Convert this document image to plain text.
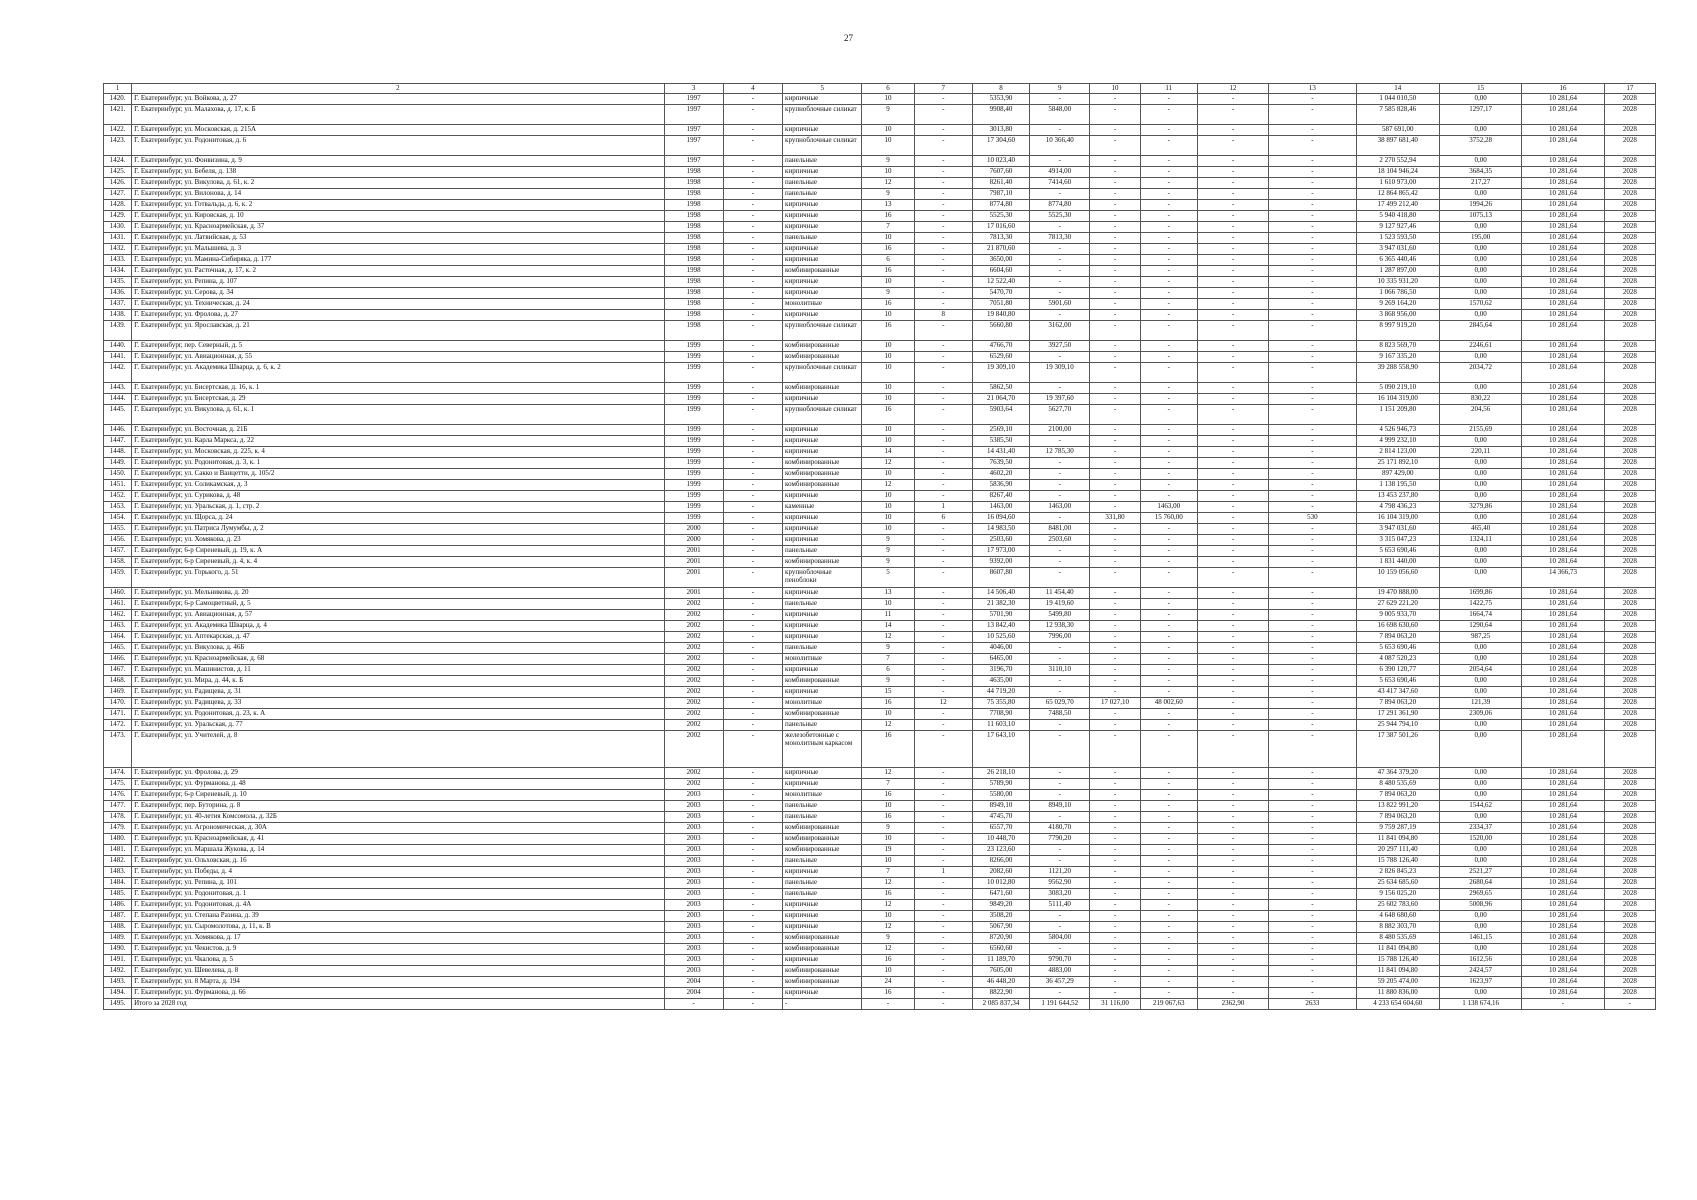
27
1	2	3	4	5	6	7	8	9	10	11	12	13	14	15	16	17
1420.	Г. Екатеринбург, ул. Войкова, д. 27	1997	-	кирпичные	10	-	5353,90	-	-	-	-	-	1 044 010,50	0,00	10 281,64	2028
1421.	Г. Екатеринбург, ул. Малахова, д. 17, к. Б	1997	-	крупноблочные силикат	9	-	9908,40	5848,00	-	-	-	-	7 585 828,46	1297,17	10 281,64	2028
1422.	Г. Екатеринбург, ул. Московская, д. 215А	1997	-	кирпичные	10	-	3013,80	-	-	-	-	-	587 691,00	0,00	10 281,64	2028
1423.	Г. Екатеринбург, ул. Родонитовая, д. 6	1997	-	крупноблочные силикат	10	-	17 304,60	10 366,40	-	-	-	-	38 897 681,40	3752,28	10 281,64	2028
1424.	Г. Екатеринбург, ул. Фонвизина, д. 9	1997	-	панельные	9	-	10 023,40	-	-	-	-	-	2 270 552,94	0,00	10 281,64	2028
1425.	Г. Екатеринбург, ул. Бебеля, д. 138	1998	-	кирпичные	10	-	7607,60	4914,00	-	-	-	-	18 104 946,24	3684,35	10 281,64	2028
1426.	Г. Екатеринбург, ул. Викулова, д. 61, к. 2	1998	-	панельные	12	-	8261,40	7414,60	-	-	-	-	1 610 973,00	217,27	10 281,64	2028
1427.	Г. Екатеринбург, ул. Вилонова, д. 14	1998	-	панельные	9	-	7987,10	-	-	-	-	-	12 864 865,42	0,00	10 281,64	2028
1428.	Г. Екатеринбург, ул. Готвальда, д. 6, к. 2	1998	-	кирпичные	13	-	8774,80	8774,80	-	-	-	-	17 499 212,40	1994,26	10 281,64	2028
1429.	Г. Екатеринбург, ул. Кировская, д. 10	1998	-	кирпичные	16	-	5525,30	5525,30	-	-	-	-	5 940 418,80	1075,13	10 281,64	2028
1430.	Г. Екатеринбург, ул. Красноармейская, д. 37	1998	-	кирпичные	7	-	17 016,60	-	-	-	-	-	9 127 927,46	0,00	10 281,64	2028
1431.	Г. Екатеринбург, ул. Латвийская, д. 53	1998	-	панельные	10	-	7813,30	7813,30	-	-	-	-	1 523 593,50	195,00	10 281,64	2028
1432.	Г. Екатеринбург, ул. Малышева, д. 3	1998	-	кирпичные	16	-	21 870,60	-	-	-	-	-	3 947 031,60	0,00	10 281,64	2028
1433.	Г. Екатеринбург, ул. Мамина-Сибиряка, д. 177	1998	-	кирпичные	6	-	3650,00	-	-	-	-	-	6 365 440,46	0,00	10 281,64	2028
1434.	Г. Екатеринбург, ул. Расточная, д. 17, к. 2	1998	-	комбинированные	16	-	6604,60	-	-	-	-	-	1 287 897,00	0,00	10 281,64	2028
1435.	Г. Екатеринбург, ул. Репина, д. 107	1998	-	кирпичные	10	-	12 522,40	-	-	-	-	-	10 335 931,20	0,00	10 281,64	2028
1436.	Г. Екатеринбург, ул. Серова, д. 34	1998	-	кирпичные	9	-	5470,70	-	-	-	-	-	1 066 786,50	0,00	10 281,64	2028
1437.	Г. Екатеринбург, ул. Техническая, д. 24	1998	-	монолитные	16	-	7051,80	5901,60	-	-	-	-	9 269 164,20	1570,62	10 281,64	2028
1438.	Г. Екатеринбург, ул. Фролова, д. 27	1998	-	кирпичные	10	8	19 840,80	-	-	-	-	-	3 868 956,00	0,00	10 281,64	2028
1439.	Г. Екатеринбург, ул. Ярославская, д. 21	1998	-	крупноблочные силикат	16	-	5660,80	3162,00	-	-	-	-	8 997 919,20	2845,64	10 281,64	2028
1440.	Г. Екатеринбург, пер. Северный, д. 5	1999	-	комбинированные	10	-	4766,70	3927,50	-	-	-	-	8 823 569,70	2246,61	10 281,64	2028
1441.	Г. Екатеринбург, ул. Авиационная, д. 55	1999	-	комбинированные	10	-	6529,60	-	-	-	-	-	9 167 335,20	0,00	10 281,64	2028
1442.	Г. Екатеринбург, ул. Академика Шварца, д. 6, к. 2	1999	-	крупноблочные силикат	10	-	19 309,10	19 309,10	-	-	-	-	39 288 558,90	2034,72	10 281,64	2028
1443.	Г. Екатеринбург, ул. Бисертская, д. 16, к. 1	1999	-	комбинированные	10	-	5862,50	-	-	-	-	-	5 090 219,10	0,00	10 281,64	2028
1444.	Г. Екатеринбург, ул. Бисертская, д. 29	1999	-	кирпичные	10	-	21 064,70	19 397,60	-	-	-	-	16 104 319,00	830,22	10 281,64	2028
1445.	Г. Екатеринбург, ул. Викулова, д. 61, к. 1	1999	-	крупноблочные силикат	16	-	5903,64	5627,70	-	-	-	-	1 151 209,80	204,56	10 281,64	2028
1446.	Г. Екатеринбург, ул. Восточная, д. 21Б	1999	-	кирпичные	10	-	2569,10	2100,00	-	-	-	-	4 526 946,73	2155,69	10 281,64	2028
1447.	Г. Екатеринбург, ул. Карла Маркса, д. 22	1999	-	кирпичные	10	-	5385,50	-	-	-	-	-	4 999 232,10	0,00	10 281,64	2028
1448.	Г. Екатеринбург, ул. Московская, д. 225, к. 4	1999	-	кирпичные	14	-	14 431,40	12 785,30	-	-	-	-	2 814 123,00	220,11	10 281,64	2028
1449.	Г. Екатеринбург, ул. Родонитовая, д. 3, к. 1	1999	-	комбинированные	12	-	7639,50	-	-	-	-	-	25 171 892,10	0,00	10 281,64	2028
1450.	Г. Екатеринбург, ул. Сакко и Ванцетти, д. 105/2	1999	-	комбинированные	10	-	4602,20	-	-	-	-	-	897 429,00	0,00	10 281,64	2028
1451.	Г. Екатеринбург, ул. Соликамская, д. 3	1999	-	комбинированные	12	-	5836,90	-	-	-	-	-	1 138 195,50	0,00	10 281,64	2028
1452.	Г. Екатеринбург, ул. Сурикова, д. 48	1999	-	кирпичные	10	-	8267,40	-	-	-	-	-	13 453 237,80	0,00	10 281,64	2028
1453.	Г. Екатеринбург, ул. Уральская, д. 1, стр. 2	1999	-	каменные	10	1	1463,00	1463,00	-	1463,00	-	-	4 798 436,23	3279,86	10 281,64	2028
1454.	Г. Екатеринбург, ул. Щорса, д. 24	1999	-	кирпичные	10	6	16 094,60	-	331,80	15 760,00	-	530	16 104 319,00	0,00	10 281,64	2028
1455.	Г. Екатеринбург, ул. Патриса Лумумбы, д. 2	2000	-	кирпичные	10	-	14 983,50	8481,00	-	-	-	-	3 947 031,60	465,40	10 281,64	2028
1456.	Г. Екатеринбург, ул. Хомякова, д. 23	2000	-	кирпичные	9	-	2503,60	2503,60	-	-	-	-	3 315 047,23	1324,11	10 281,64	2028
1457.	Г. Екатеринбург, 6-р Сиреневый, д. 19, к. А	2001	-	панельные	9	-	17 973,00	-	-	-	-	-	5 653 690,46	0,00	10 281,64	2028
1458.	Г. Екатеринбург, 6-р Сиреневый, д. 4, к. 4	2001	-	комбинированные	9	-	9392,00	-	-	-	-	-	1 831 440,00	0,00	10 281,64	2028
1459.	Г. Екатеринбург, ул. Горького, д. 51	2001	-	крупноблочные пеноблоки	5	-	8607,80	-	-	-	-	-	10 159 056,60	0,00	14 366,73	2028
1460.	Г. Екатеринбург, ул. Мельникова, д. 20	2001	-	кирпичные	13	-	14 506,40	11 454,40	-	-	-	-	19 470 888,00	1699,86	10 281,64	2028
1461.	Г. Екатеринбург, 6-р Самоцветный, д. 5	2002	-	панельные	10	-	21 382,30	19 419,60	-	-	-	-	27 629 221,20	1422,75	10 281,64	2028
1462.	Г. Екатеринбург, ул. Авиационная, д. 57	2002	-	кирпичные	11	-	5701,90	5499,80	-	-	-	-	9 005 933,70	1664,74	10 281,64	2028
1463.	Г. Екатеринбург, ул. Академика Шварца, д. 4	2002	-	кирпичные	14	-	13 842,40	12 938,30	-	-	-	-	16 698 630,60	1290,64	10 281,64	2028
1464.	Г. Екатеринбург, ул. Аптекарская, д. 47	2002	-	кирпичные	12	-	10 525,60	7996,00	-	-	-	-	7 894 063,20	987,25	10 281,64	2028
1465.	Г. Екатеринбург, ул. Викулова, д. 46Б	2002	-	панельные	9	-	4046,00	-	-	-	-	-	5 653 690,46	0,00	10 281,64	2028
1466.	Г. Екатеринбург, ул. Красноармейская, д. 68	2002	-	монолитные	7	-	6465,00	-	-	-	-	-	4 087 520,23	0,00	10 281,64	2028
1467.	Г. Екатеринбург, ул. Машинистов, д. 11	2002	-	кирпичные	6	-	3196,70	3110,10	-	-	-	-	6 390 120,77	2054,64	10 281,64	2028
1468.	Г. Екатеринбург, ул. Мира, д. 44, к. Б	2002	-	комбинированные	9	-	4635,00	-	-	-	-	-	5 653 690,46	0,00	10 281,64	2028
1469.	Г. Екатеринбург, ул. Радищева, д. 31	2002	-	кирпичные	15	-	44 719,20	-	-	-	-	-	43 417 347,60	0,00	10 281,64	2028
1470.	Г. Екатеринбург, ул. Радищева, д. 33	2002	-	монолитные	16	12	75 355,80	65 029,70	17 027,10	48 002,60	-	-	7 894 063,20	121,39	10 281,64	2028
1471.	Г. Екатеринбург, ул. Родонитовая, д. 23, к. А	2002	-	комбинированные	10	-	7708,90	7488,50	-	-	-	-	17 291 361,90	2309,06	10 281,64	2028
1472.	Г. Екатеринбург, ул. Уральская, д. 77	2002	-	панельные	12	-	11 603,10	-	-	-	-	-	25 944 794,10	0,00	10 281,64	2028
1473.	Г. Екатеринбург, ул. Учителей, д. 8	2002	-	железобетонные с монолитным каркасом	16	-	17 643,10	-	-	-	-	-	17 387 501,26	0,00	10 281,64	2028
1474.	Г. Екатеринбург, ул. Фролова, д. 29	2002	-	кирпичные	12	-	26 218,10	-	-	-	-	-	47 364 379,20	0,00	10 281,64	2028
1475.	Г. Екатеринбург, ул. Фурманова, д. 48	2002	-	кирпичные	7	-	5789,90	-	-	-	-	-	8 480 535,69	0,00	10 281,64	2028
1476.	Г. Екатеринбург, 6-р Сиреневый, д. 10	2003	-	монолитные	16	-	5580,00	-	-	-	-	-	7 894 063,20	0,00	10 281,64	2028
1477.	Г. Екатеринбург, пер. Буторина, д. 8	2003	-	панельные	10	-	8949,10	8949,10	-	-	-	-	13 822 991,20	1544,62	10 281,64	2028
1478.	Г. Екатеринбург, ул. 40-летия Комсомола, д. 32Б	2003	-	панельные	16	-	4745,70	-	-	-	-	-	7 894 063,20	0,00	10 281,64	2028
1479.	Г. Екатеринбург, ул. Агрономическая, д. 30А	2003	-	комбинированные	9	-	6557,70	4180,70	-	-	-	-	9 759 287,19	2334,37	10 281,64	2028
1480.	Г. Екатеринбург, ул. Красноармейская, д. 41	2003	-	комбинированные	10	-	10 448,70	7790,20	-	-	-	-	11 841 094,80	1520,00	10 281,64	2028
1481.	Г. Екатеринбург, ул. Маршала Жукова, д. 14	2003	-	комбинированные	19	-	23 123,60	-	-	-	-	-	20 297 111,40	0,00	10 281,64	2028
1482.	Г. Екатеринбург, ул. Ольховская, д. 16	2003	-	панельные	10	-	8266,00	-	-	-	-	-	15 788 126,40	0,00	10 281,64	2028
1483.	Г. Екатеринбург, ул. Победы, д. 4	2003	-	кирпичные	7	1	2082,60	1121,20	-	-	-	-	2 826 845,23	2521,27	10 281,64	2028
1484.	Г. Екатеринбург, ул. Репина, д. 101	2003	-	панельные	12	-	10 012,80	9562,90	-	-	-	-	25 634 685,60	2680,64	10 281,64	2028
1485.	Г. Екатеринбург, ул. Родонитовая, д. 1	2003	-	панельные	16	-	6471,60	3083,20	-	-	-	-	9 156 025,20	2969,65	10 281,64	2028
1486.	Г. Екатеринбург, ул. Родонитовая, д. 4А	2003	-	кирпичные	12	-	9849,20	5111,40	-	-	-	-	25 602 783,60	5008,96	10 281,64	2028
1487.	Г. Екатеринбург, ул. Степана Разина, д. 39	2003	-	кирпичные	10	-	3508,20	-	-	-	-	-	4 648 680,60	0,00	10 281,64	2028
1488.	Г. Екатеринбург, ул. Сыромолотова, д. 11, к. В	2003	-	кирпичные	12	-	5067,90	-	-	-	-	-	8 882 303,70	0,00	10 281,64	2028
1489.	Г. Екатеринбург, ул. Хомякова, д. 17	2003	-	комбинированные	9	-	8720,90	5804,00	-	-	-	-	8 480 535,69	1461,15	10 281,64	2028
1490.	Г. Екатеринбург, ул. Чекистов, д. 9	2003	-	комбинированные	12	-	6560,60	-	-	-	-	-	11 841 094,80	0,00	10 281,64	2028
1491.	Г. Екатеринбург, ул. Чкалова, д. 5	2003	-	кирпичные	16	-	11 189,70	9790,70	-	-	-	-	15 788 126,40	1612,56	10 281,64	2028
1492.	Г. Екатеринбург, ул. Шевелева, д. 8	2003	-	комбинированные	10	-	7605,00	4883,00	-	-	-	-	11 841 094,80	2424,57	10 281,64	2028
1493.	Г. Екатеринбург, ул. 8 Марта, д. 194	2004	-	комбинированные	24	-	46 448,20	36 457,29	-	-	-	-	59 205 474,00	1623,97	10 281,64	2028
1494.	Г. Екатеринбург, ул. Фурманова, д. 66	2004	-	кирпичные	16	-	8822,90	-	-	-	-	-	11 880 836,00	0,00	10 281,64	2028
1495.	Итого за 2028 год	-	-	-	-	-	2 085 837,34	1 191 644,52	31 116,00	219 067,63	2362,90	2633	4 233 654 604,60	1 138 674,16	-	-
